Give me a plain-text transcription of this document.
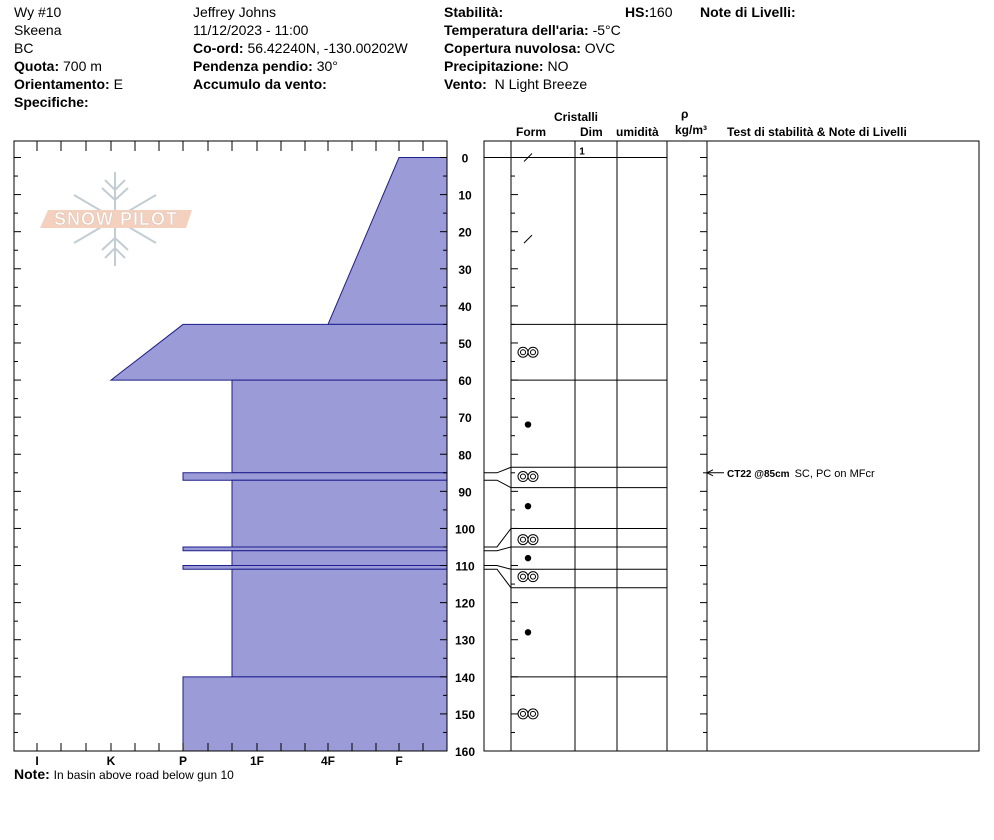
Wy #10
Skeena
BC
Quota: 700 m
Orientamento: E
Specifiche:
Jeffrey Johns
11/12/2023 - 11:00
Co-ord: 56.42240N, -130.00202W
Pendenza pendio: 30°
Accumulo da vento:
Stabilità:
Temperatura dell'aria: -5°C
Copertura nuvolosa: OVC
Precipitazione: NO
Vento: N Light Breeze
HS:160 Note di Livelli:
Cristalli
Form	Dim umidità
ρ
kg/m³ Test di stabilità & Note di Livelli
Note: In basin above road below gun 10
SNOW PILOT
0
10
20
30
40
50
60
70
80
90
100
110
120
130
140
150
160
I	K	P	1F	4F	F
1
CT22 @85cm SC, PC on MFcr
